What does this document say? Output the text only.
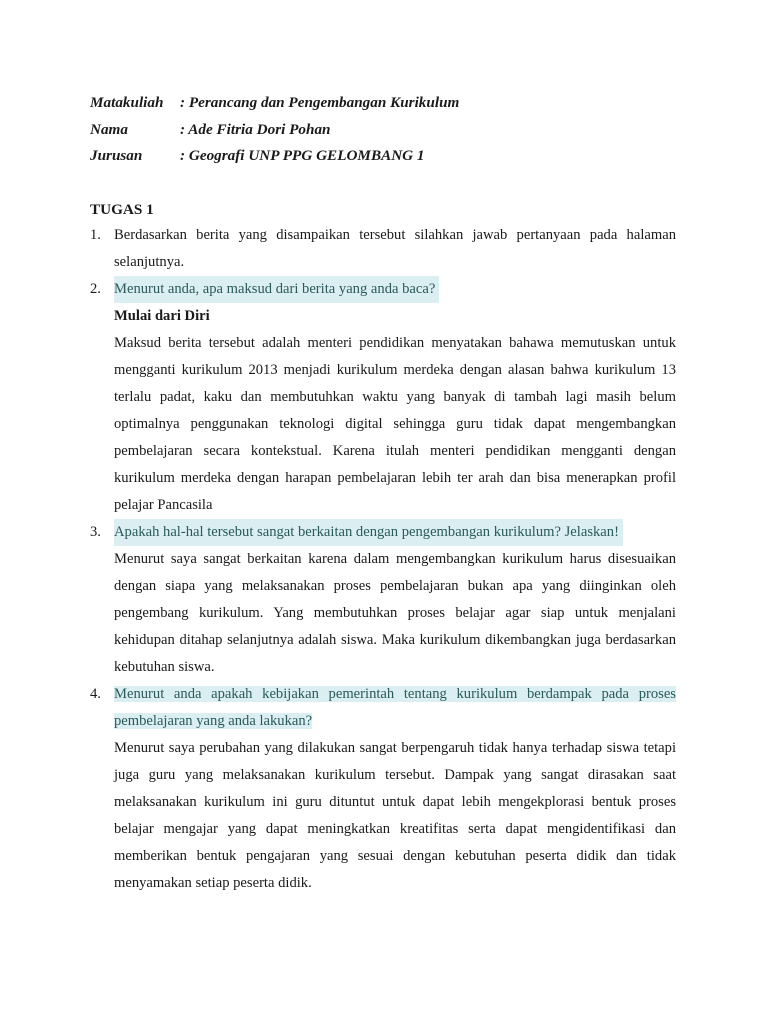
Matakuliah : Perancang dan Pengembangan Kurikulum
Nama	: Ade Fitria Dori Pohan
Jurusan : Geografi UNP PPG GELOMBANG 1
TUGAS 1
1. Berdasarkan berita yang disampaikan tersebut silahkan jawab pertanyaan pada halaman selanjutnya.
2. Menurut anda, apa maksud dari berita yang anda baca?
Mulai dari Diri
Maksud berita tersebut adalah menteri pendidikan menyatakan bahawa memutuskan untuk mengganti kurikulum 2013 menjadi kurikulum merdeka dengan alasan bahwa kurikulum 13 terlalu padat, kaku dan membutuhkan waktu yang banyak di tambah lagi masih belum optimalnya penggunakan teknologi digital sehingga guru tidak dapat mengembangkan pembelajaran secara kontekstual. Karena itulah menteri pendidikan mengganti dengan kurikulum merdeka dengan harapan pembelajaran lebih ter arah dan bisa menerapkan profil pelajar Pancasila
3. Apakah hal-hal tersebut sangat berkaitan dengan pengembangan kurikulum? Jelaskan!
Menurut saya sangat berkaitan karena dalam mengembangkan kurikulum harus disesuaikan dengan siapa yang melaksanakan proses pembelajaran bukan apa yang diinginkan oleh pengembang kurikulum. Yang membutuhkan proses belajar agar siap untuk menjalani kehidupan ditahap selanjutnya adalah siswa. Maka kurikulum dikembangkan juga berdasarkan kebutuhan siswa.
4. Menurut anda apakah kebijakan pemerintah tentang kurikulum berdampak pada proses pembelajaran yang anda lakukan?
Menurut saya perubahan yang dilakukan sangat berpengaruh tidak hanya terhadap siswa tetapi juga guru yang melaksanakan kurikulum tersebut. Dampak yang sangat dirasakan saat melaksanakan kurikulum ini guru dituntut untuk dapat lebih mengekplorasi bentuk proses belajar mengajar yang dapat meningkatkan kreatifitas serta dapat mengidentifikasi dan memberikan bentuk pengajaran yang sesuai dengan kebutuhan peserta didik dan tidak menyamakan setiap peserta didik.
